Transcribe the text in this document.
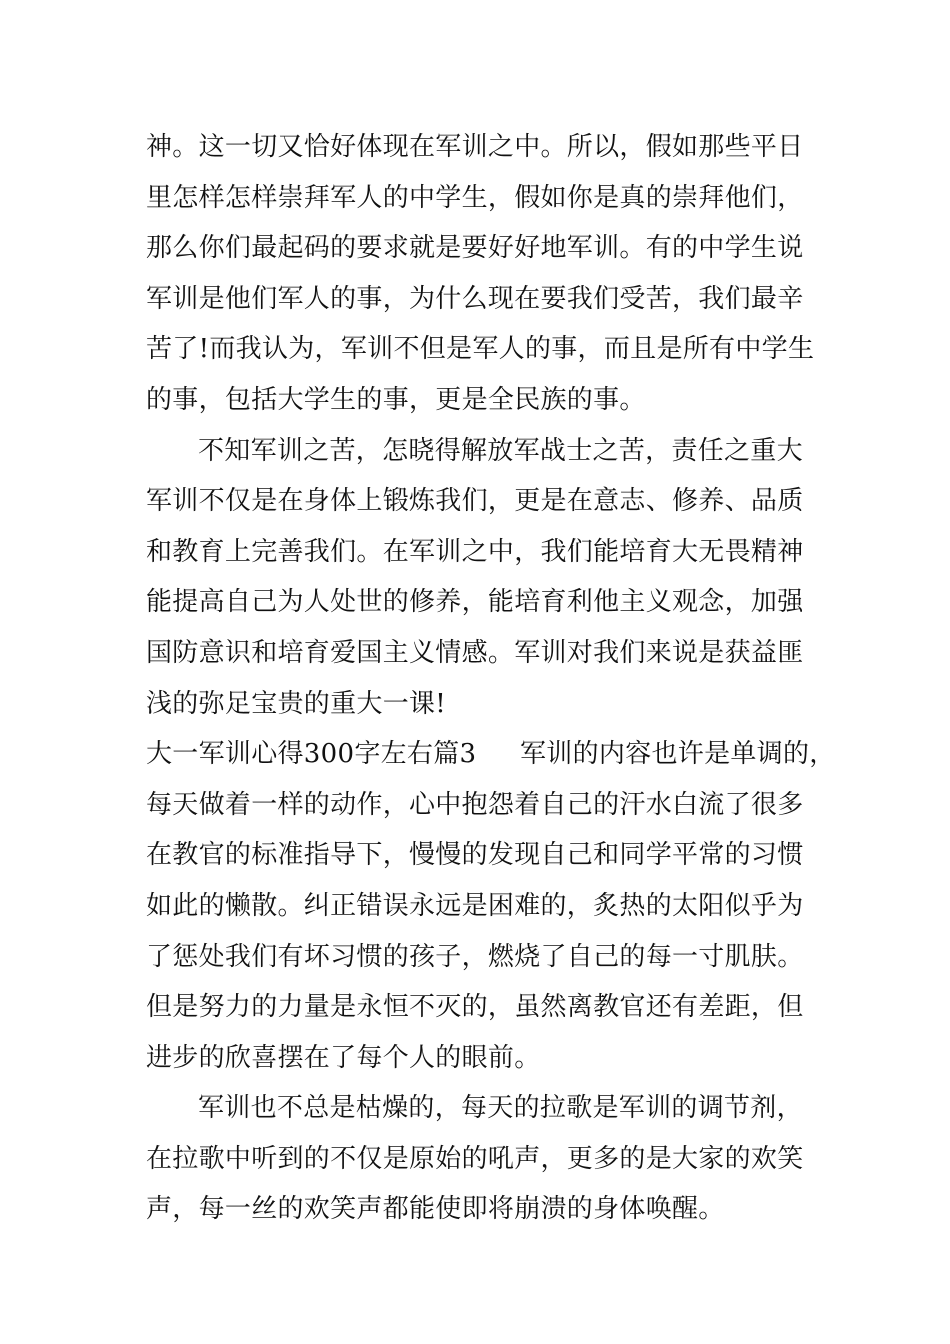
神。这一切又恰好体现在军训之中。所以，假如那些平日
里怎样怎样崇拜军人的中学生，假如你是真的崇拜他们，
那么你们最起码的要求就是要好好地军训。有的中学生说
军训是他们军人的事，为什么现在要我们受苦，我们最辛
苦了!而我认为，军训不但是军人的事，而且是所有中学生
的事，包括大学生的事，更是全民族的事。
不知军训之苦，怎晓得解放军战士之苦，责任之重大
军训不仅是在身体上锻炼我们，更是在意志、修养、品质
和教育上完善我们。在军训之中，我们能培育大无畏精神
能提高自己为人处世的修养，能培育利他主义观念，加强
国防意识和培育爱国主义情感。军训对我们来说是获益匪
浅的弥足宝贵的重大一课!
大一军训心得300字左右篇3 军训的内容也许是单调的，
每天做着一样的动作，心中抱怨着自己的汗水白流了很多
在教官的标准指导下，慢慢的发现自己和同学平常的习惯
如此的懒散。纠正错误永远是困难的，炙热的太阳似乎为
了惩处我们有坏习惯的孩子，燃烧了自己的每一寸肌肤。
但是努力的力量是永恒不灭的，虽然离教官还有差距，但
进步的欣喜摆在了每个人的眼前。
军训也不总是枯燥的，每天的拉歌是军训的调节剂，
在拉歌中听到的不仅是原始的吼声，更多的是大家的欢笑
声，每一丝的欢笑声都能使即将崩溃的身体唤醒。
